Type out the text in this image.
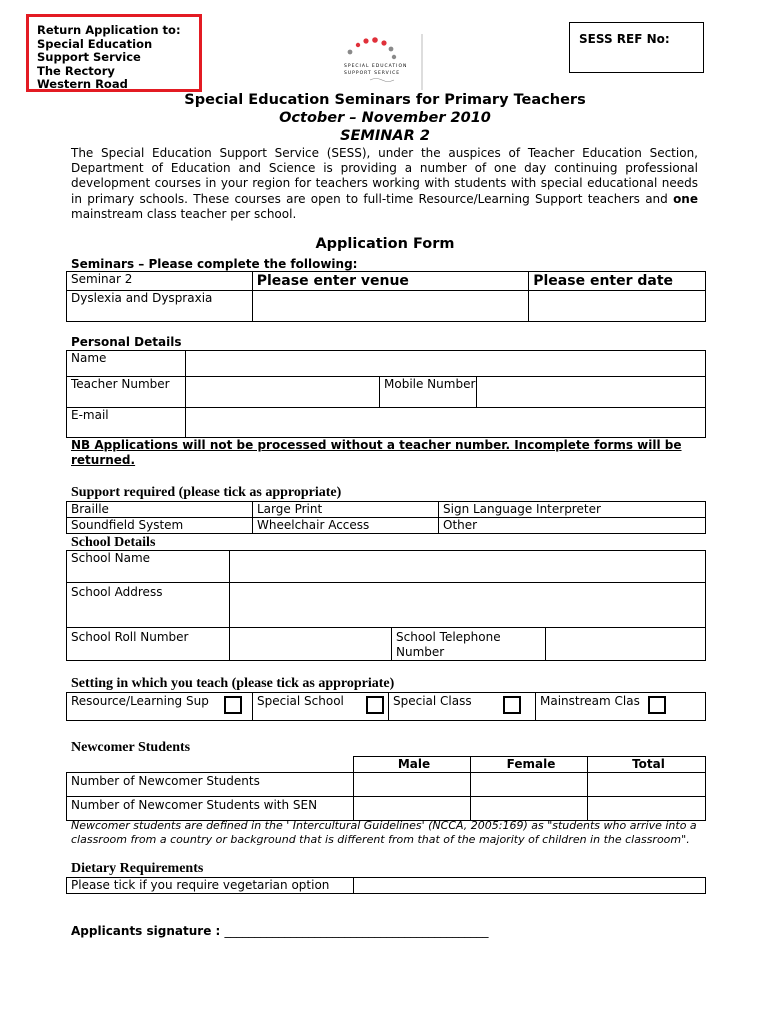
Return Application to:
Special Education
Support Service
The Rectory
Western Road
SPECIAL EDUCATION
SUPPORT SERVICE
SESS REF No:
Special Education Seminars for Primary Teachers
October – November 2010
SEMINAR 2
The Special Education Support Service (SESS), under the auspices of Teacher Education Section, Department of Education and Science is providing a number of one day continuing professional development courses in your region for teachers working with students with special educational needs in primary schools. These courses are open to full-time Resource/Learning Support teachers and one mainstream class teacher per school.
Application Form
Seminars – Please complete the following:
Seminar 2	Please enter venue	Please enter date
Dyslexia and Dyspraxia		
Personal Details
Name			
Teacher Number		Mobile Number	
E-mail			
NB Applications will not be processed without a teacher number. Incomplete forms will be returned.
Support required (please tick as appropriate)
Braille	Large Print	Sign Language Interpreter
Soundfield System	Wheelchair Access	Other
School Details
School Name			
School Address			
School Roll Number		School Telephone Number	
Setting in which you teach (please tick as appropriate)
Resource/Learning Sup	Special School	Special Class	Mainstream Clas
Newcomer Students
	Male	Female	Total
Number of Newcomer Students			
Number of Newcomer Students with SEN			
Newcomer students are defined in the ' Intercultural Guidelines' (NCCA, 2005:169) as "students who arrive into a classroom from a country or background that is different from that of the majority of children in the classroom".
Dietary Requirements
Please tick if you require vegetarian option	
Applicants signature : ____________________________________________
